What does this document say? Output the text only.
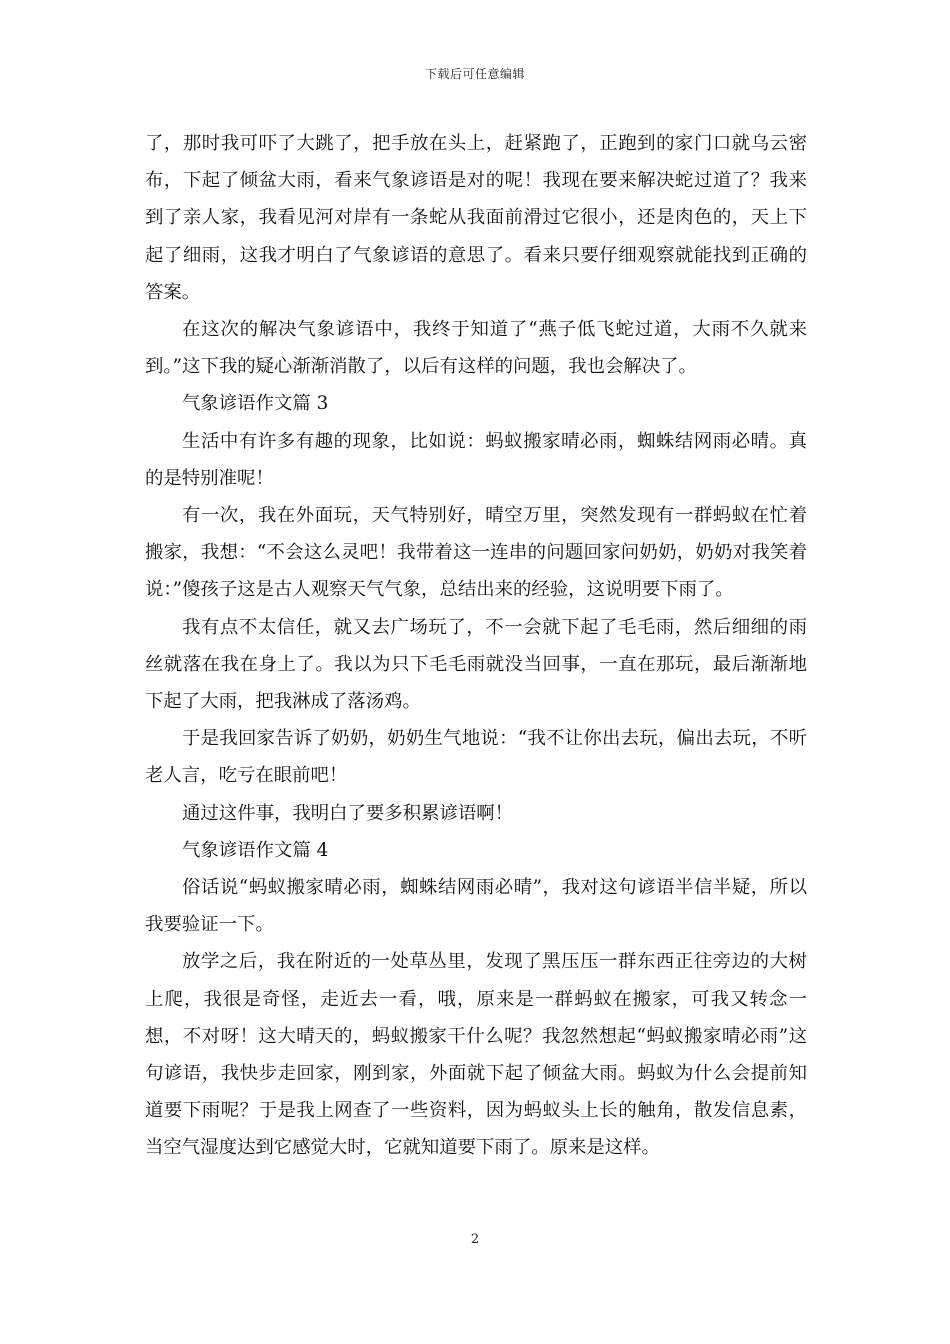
下载后可任意编辑

了，那时我可吓了大跳了，把手放在头上，赶紧跑了，正跑到的家门口就乌云密布，下起了倾盆大雨，看来气象谚语是对的呢！我现在要来解决蛇过道了？我来到了亲人家，我看见河对岸有一条蛇从我面前滑过它很小，还是肉色的，天上下起了细雨，这我才明白了气象谚语的意思了。看来只要仔细观察就能找到正确的答案。

在这次的解决气象谚语中，我终于知道了“燕子低飞蛇过道，大雨不久就来到。”这下我的疑心渐渐消散了，以后有这样的问题，我也会解决了。

气象谚语作文篇 3

生活中有许多有趣的现象，比如说：蚂蚁搬家晴必雨，蜘蛛结网雨必晴。真的是特别准呢！

有一次，我在外面玩，天气特别好，晴空万里，突然发现有一群蚂蚁在忙着搬家，我想：“不会这么灵吧！我带着这一连串的问题回家问奶奶，奶奶对我笑着说：”傻孩子这是古人观察天气气象，总结出来的经验，这说明要下雨了。

我有点不太信任，就又去广场玩了，不一会就下起了毛毛雨，然后细细的雨丝就落在我在身上了。我以为只下毛毛雨就没当回事，一直在那玩，最后渐渐地下起了大雨，把我淋成了落汤鸡。

于是我回家告诉了奶奶，奶奶生气地说：“我不让你出去玩，偏出去玩，不听老人言，吃亏在眼前吧！

通过这件事，我明白了要多积累谚语啊！

气象谚语作文篇 4

俗话说“蚂蚁搬家晴必雨，蜘蛛结网雨必晴”，我对这句谚语半信半疑，所以我要验证一下。

放学之后，我在附近的一处草丛里，发现了黑压压一群东西正往旁边的大树上爬，我很是奇怪，走近去一看，哦，原来是一群蚂蚁在搬家，可我又转念一想，不对呀！这大晴天的，蚂蚁搬家干什么呢？我忽然想起“蚂蚁搬家晴必雨”这句谚语，我快步走回家，刚到家，外面就下起了倾盆大雨。蚂蚁为什么会提前知道要下雨呢？于是我上网查了一些资料，因为蚂蚁头上长的触角，散发信息素，当空气湿度达到它感觉大时，它就知道要下雨了。原来是这样。

2
